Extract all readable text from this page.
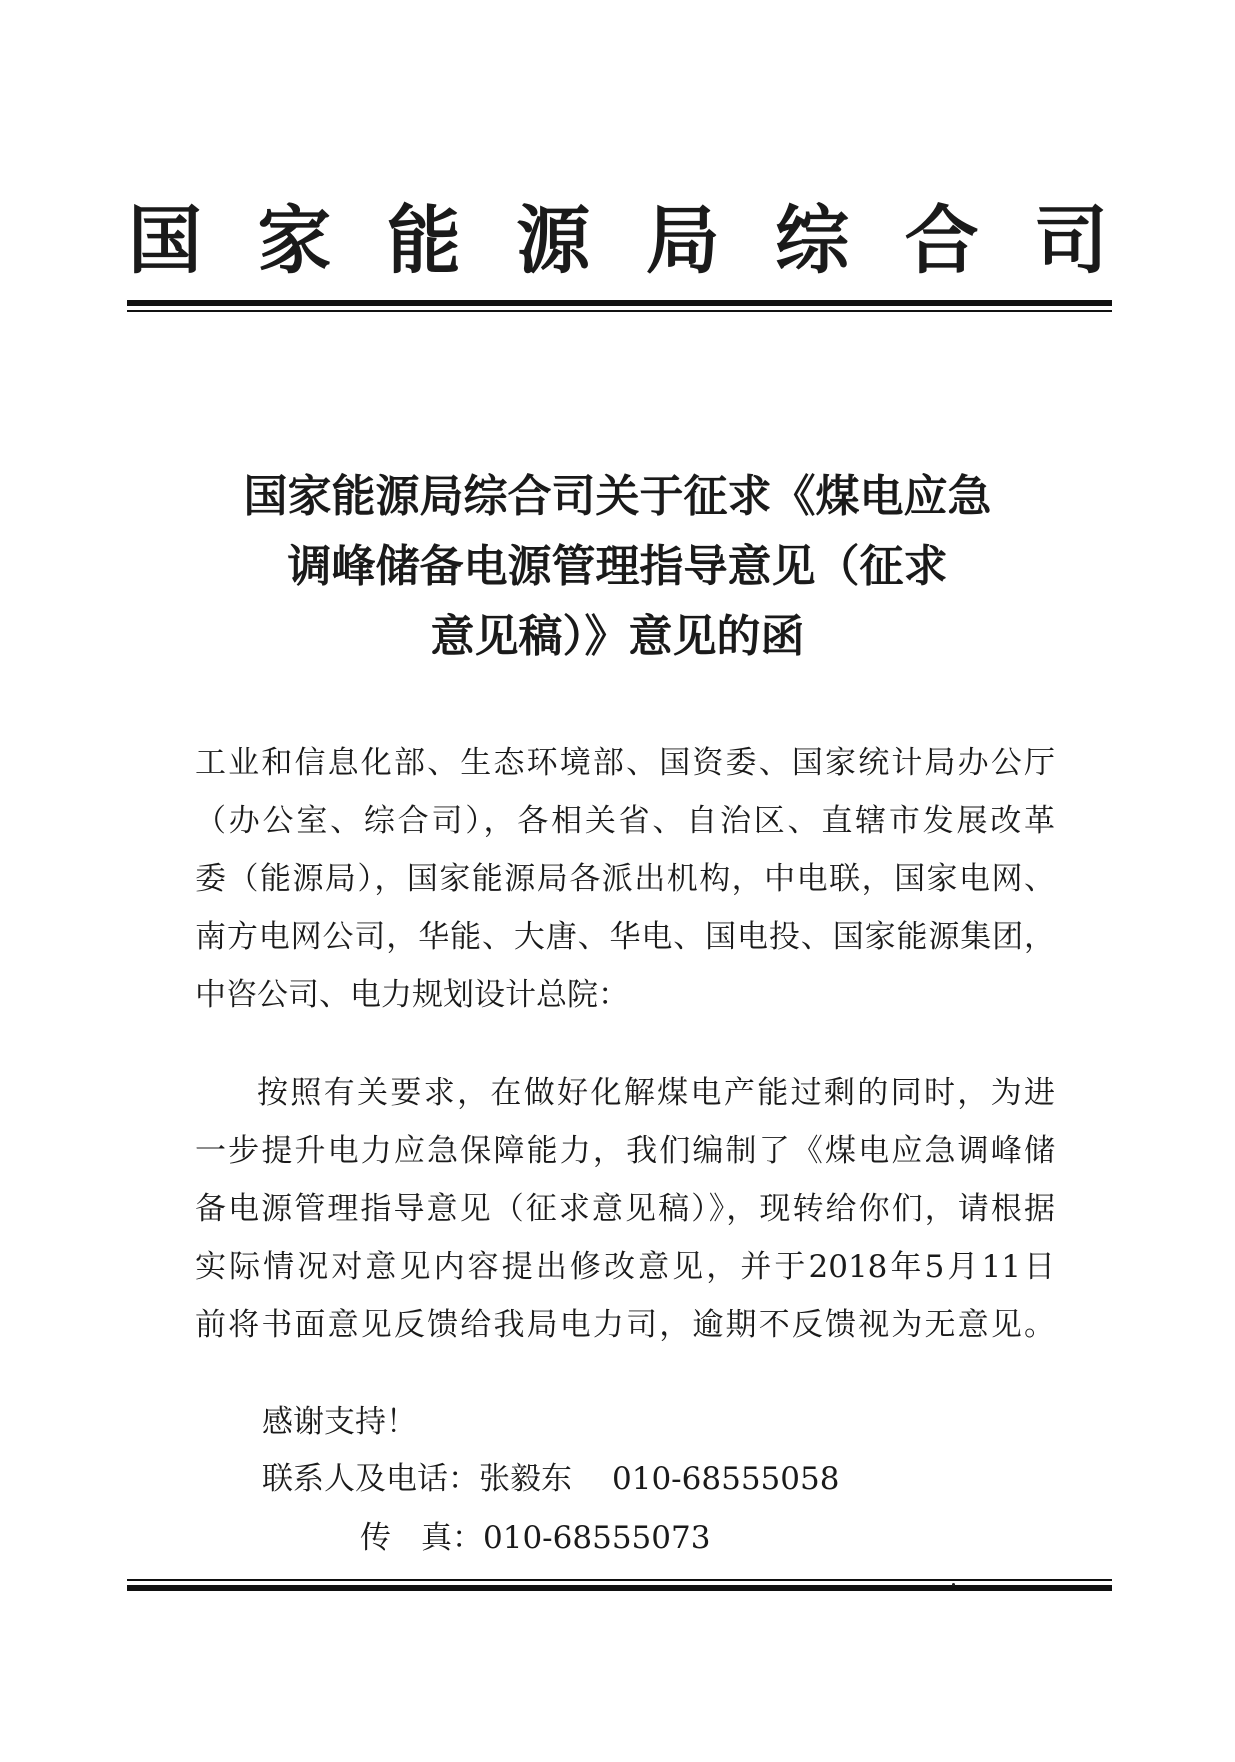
国家能源局综合司
国家能源局综合司关于征求《煤电应急
调峰储备电源管理指导意见（征求
意见稿）》意见的函
工业和信息化部、生态环境部、国资委、国家统计局办公厅
（办公室、综合司），各相关省、自治区、直辖市发展改革
委（能源局），国家能源局各派出机构，中电联，国家电网、
南方电网公司，华能、大唐、华电、国电投、国家能源集团，
中咨公司、电力规划设计总院：
按照有关要求，在做好化解煤电产能过剩的同时，为进
一步提升电力应急保障能力，我们编制了《煤电应急调峰储
备电源管理指导意见（征求意见稿）》，现转给你们，请根据
实际情况对意见内容提出修改意见，并于2018年5月11日
前将书面意见反馈给我局电力司，逾期不反馈视为无意见。
感谢支持！
联系人及电话：张毅东 010-68555058
传 真：010-68555073
